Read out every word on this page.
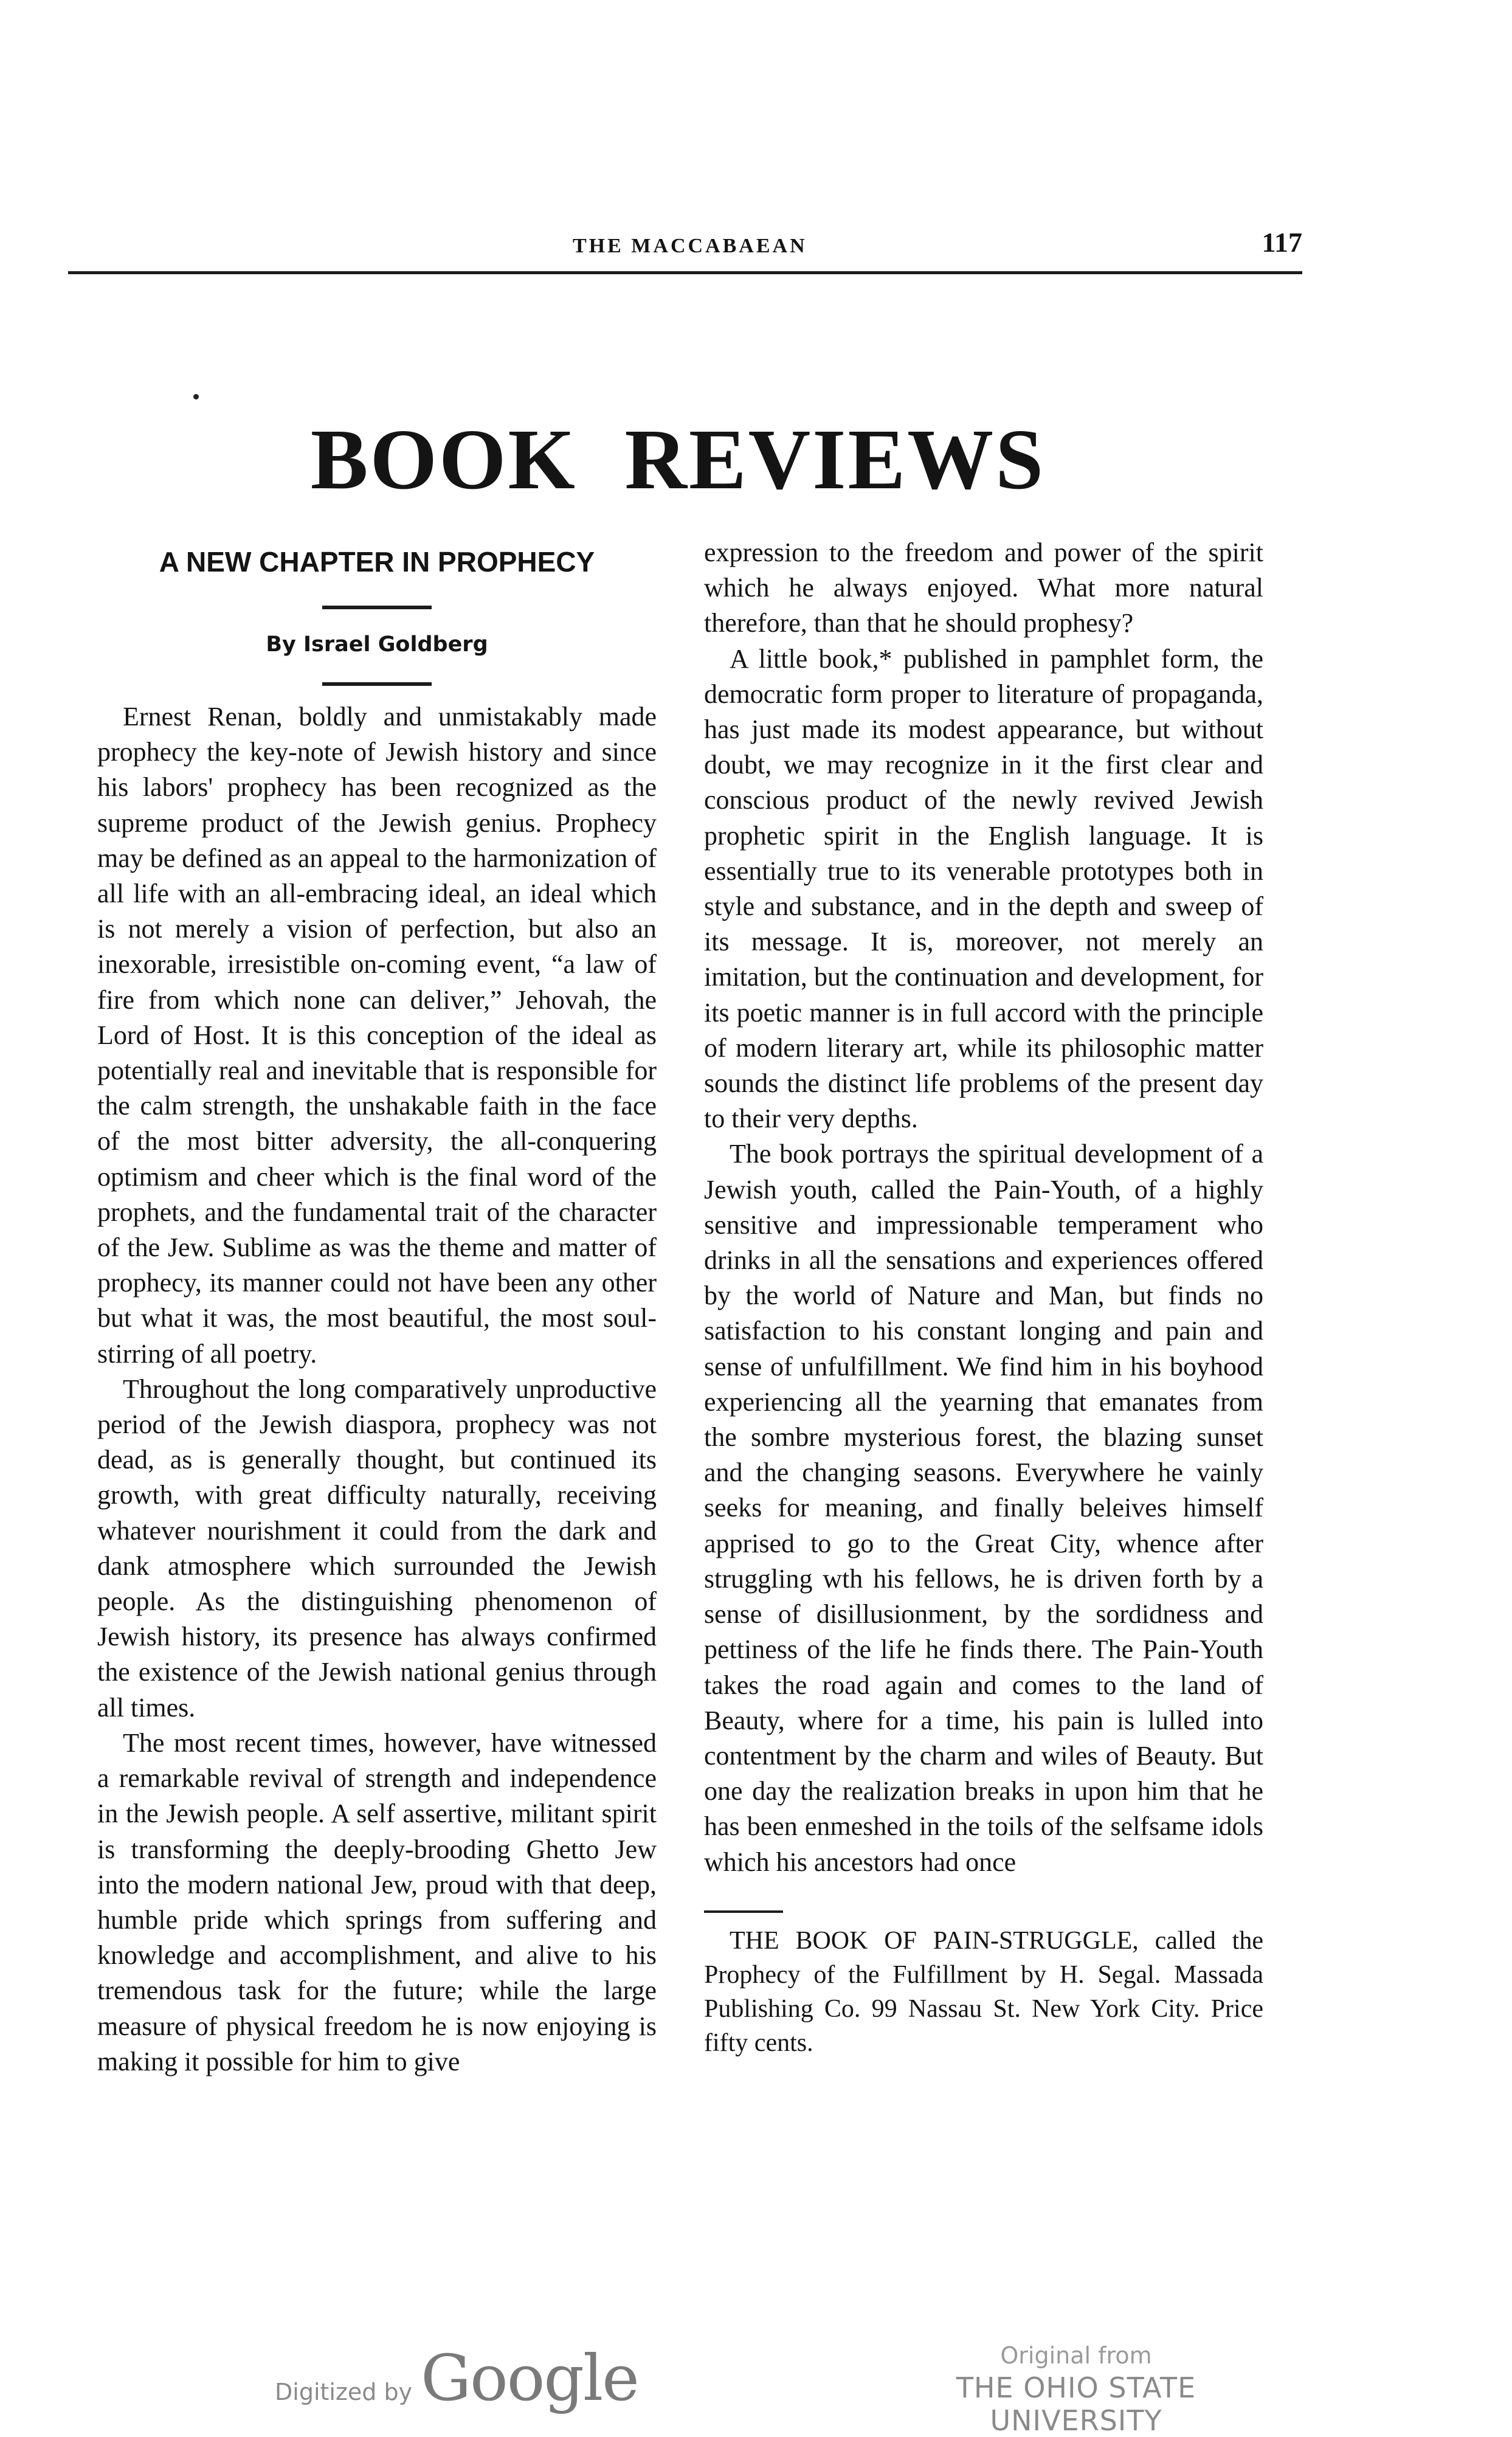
THE MACCABAEAN	117
BOOK REVIEWS
A NEW CHAPTER IN PROPHECY
By Israel Goldberg

Ernest Renan, boldly and unmistakably made prophecy the key-note of Jewish history and since his labors' prophecy has been recognized as the supreme product of the Jewish genius. Prophecy may be defined as an appeal to the harmonization of all life with an all-embracing ideal, an ideal which is not merely a vision of perfection, but also an inexorable, irresistible on-coming event, “a law of fire from which none can deliver,” Jehovah, the Lord of Host. It is this conception of the ideal as potentially real and inevitable that is responsible for the calm strength, the unshakable faith in the face of the most bitter adversity, the all-conquering optimism and cheer which is the final word of the prophets, and the fundamental trait of the character of the Jew. Sublime as was the theme and matter of prophecy, its manner could not have been any other but what it was, the most beautiful, the most soul-stirring of all poetry.

Throughout the long comparatively unproductive period of the Jewish diaspora, prophecy was not dead, as is generally thought, but continued its growth, with great difficulty naturally, receiving whatever nourishment it could from the dark and dank atmosphere which surrounded the Jewish people. As the distinguishing phenomenon of Jewish history, its presence has always confirmed the existence of the Jewish national genius through all times.

The most recent times, however, have witnessed a remarkable revival of strength and independence in the Jewish people. A self assertive, militant spirit is transforming the deeply-brooding Ghetto Jew into the modern national Jew, proud with that deep, humble pride which springs from suffering and knowledge and accomplishment, and alive to his tremendous task for the future; while the large measure of physical freedom he is now enjoying is making it possible for him to give

expression to the freedom and power of the spirit which he always enjoyed. What more natural therefore, than that he should prophesy?

A little book,* published in pamphlet form, the democratic form proper to literature of propaganda, has just made its modest appearance, but without doubt, we may recognize in it the first clear and conscious product of the newly revived Jewish prophetic spirit in the English language. It is essentially true to its venerable prototypes both in style and substance, and in the depth and sweep of its message. It is, moreover, not merely an imitation, but the continuation and development, for its poetic manner is in full accord with the principle of modern literary art, while its philosophic matter sounds the distinct life problems of the present day to their very depths.

The book portrays the spiritual development of a Jewish youth, called the Pain-Youth, of a highly sensitive and impressionable temperament who drinks in all the sensations and experiences offered by the world of Nature and Man, but finds no satisfaction to his constant longing and pain and sense of unfulfillment. We find him in his boyhood experiencing all the yearning that emanates from the sombre mysterious forest, the blazing sunset and the changing seasons. Everywhere he vainly seeks for meaning, and finally beleives himself apprised to go to the Great City, whence after struggling wth his fellows, he is driven forth by a sense of disillusionment, by the sordidness and pettiness of the life he finds there. The Pain-Youth takes the road again and comes to the land of Beauty, where for a time, his pain is lulled into contentment by the charm and wiles of Beauty. But one day the realization breaks in upon him that he has been enmeshed in the toils of the selfsame idols which his ancestors had once

THE BOOK OF PAIN-STRUGGLE, called the Prophecy of the Fulfillment by H. Segal. Massada Publishing Co. 99 Nassau St. New York City. Price fifty cents.

Digitized by Google	Original from
THE OHIO STATE UNIVERSITY
